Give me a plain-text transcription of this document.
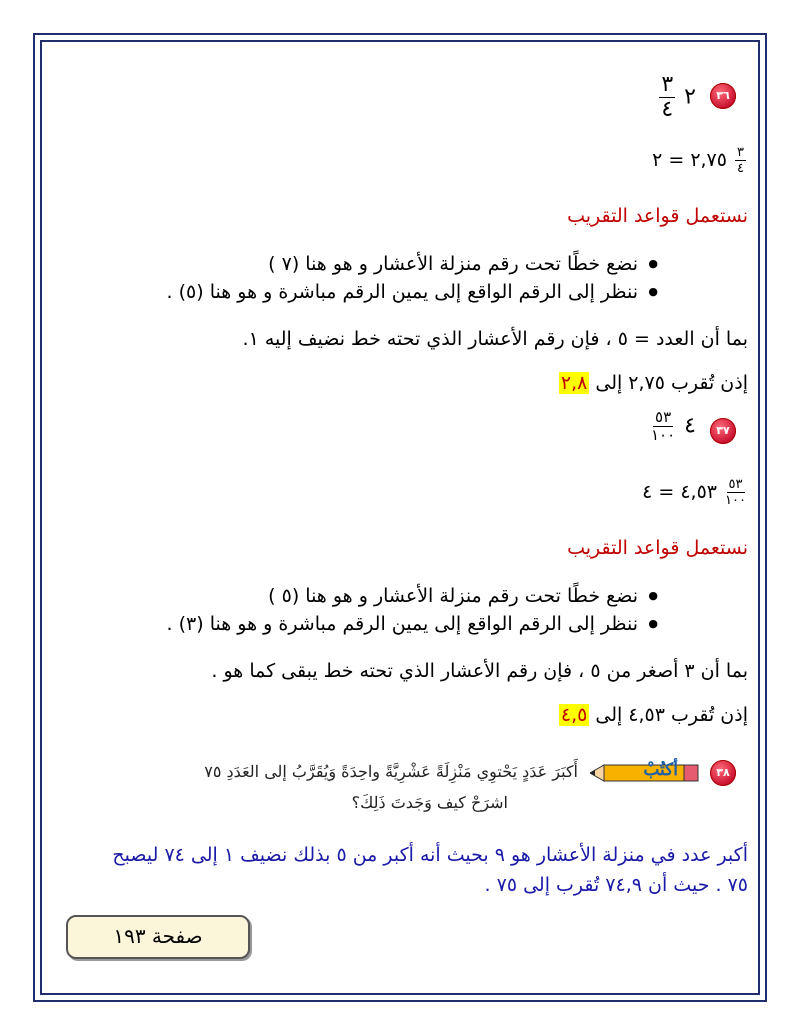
٣٦
٢
$\frac{٣}{٤}$
٢,٧٥ = ٢	$\frac{٣}{٤}$
نستعمل قواعد التقريب
● نضع خطًا تحت رقم منزلة الأعشار و هو هنا (٧ )
● ننظر إلى الرقم الواقع إلى يمين الرقم مباشرة و هو هنا (٥) .
بما أن العدد = ٥ ، فإن رقم الأعشار الذي تحته خط نضيف إليه ١.
إذن تُقرب ٢,٧٥ إلى ٢,٨
٣٧
٤
$\frac{٥٣}{١٠٠}$
٤,٥٣ = ٤	$\frac{٥٣}{١٠٠}$
نستعمل قواعد التقريب
● نضع خطًا تحت رقم منزلة الأعشار و هو هنا (٥ )
● ننظر إلى الرقم الواقع إلى يمين الرقم مباشرة و هو هنا (٣) .
بما أن ٣ أصغر من ٥ ، فإن رقم الأعشار الذي تحته خط يبقى كما هو .
إذن تُقرب ٤,٥٣ إلى ٤,٥
٣٨
أكتُبْ
أَكبَرَ عَدَدٍ يَحْتوِي مَنْزِلَةً عَشْرِيَّةً واحِدَةً وَيُقَرَّبُ إلى العَدَدِ ٧٥
اشرَحْ كيف وَجَدتَ ذَلِكَ؟
أكبر عدد في منزلة الأعشار هو ٩ بحيث أنه أكبر من ٥ بذلك نضيف ١ إلى ٧٤ ليصبح
٧٥ . حيث أن ٧٤,٩ تُقرب إلى ٧٥ .
صفحة ١٩٣
